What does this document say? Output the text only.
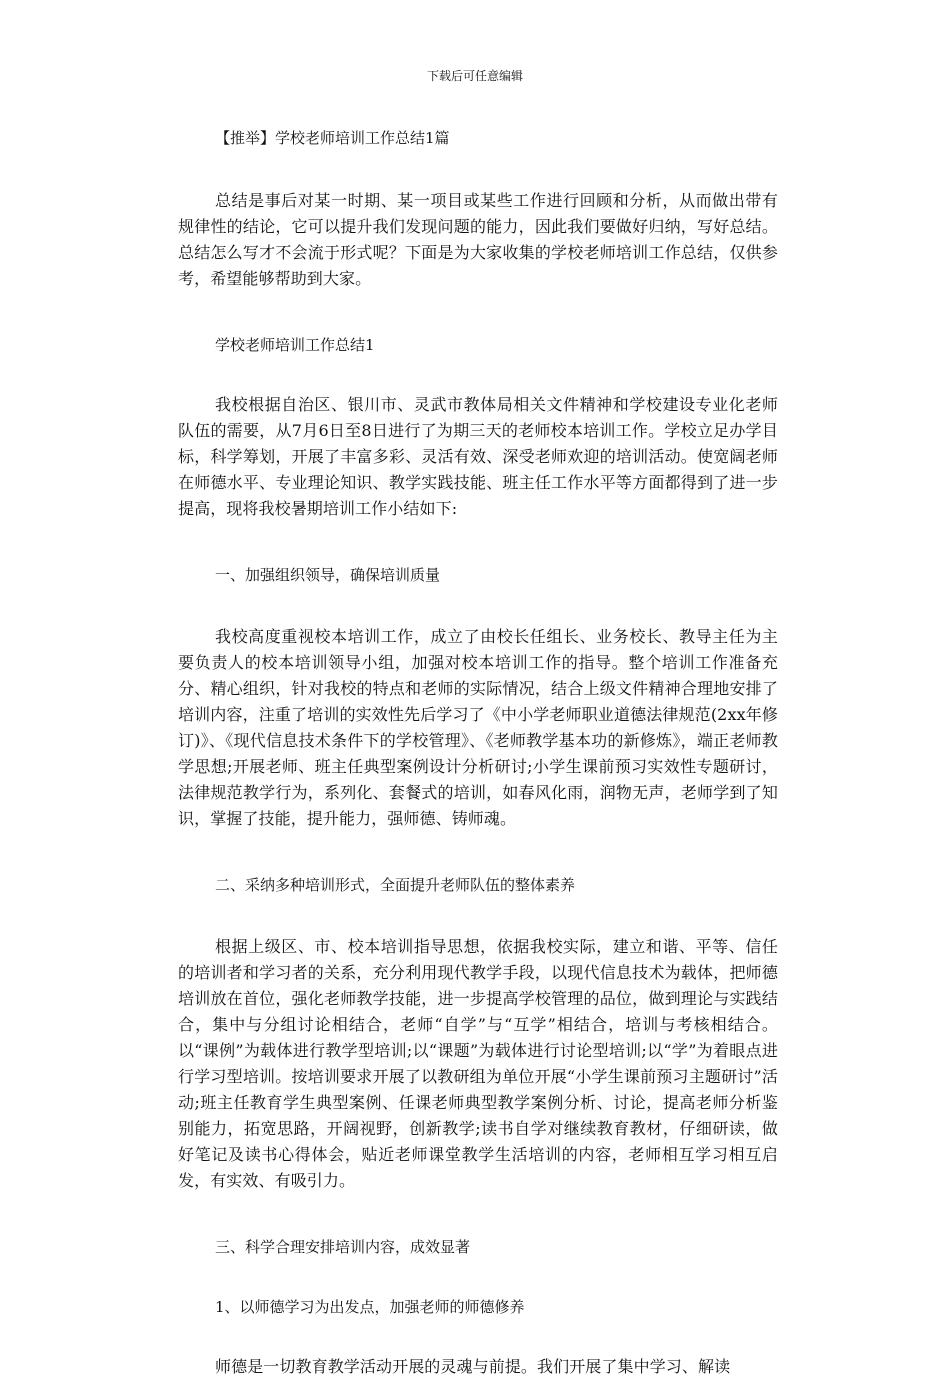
下载后可任意编辑

【推举】学校老师培训工作总结1篇

总结是事后对某一时期、某一项目或某些工作进行回顾和分析，从而做出带有规律性的结论，它可以提升我们发现问题的能力，因此我们要做好归纳，写好总结。总结怎么写才不会流于形式呢？下面是为大家收集的学校老师培训工作总结，仅供参考，希望能够帮助到大家。

学校老师培训工作总结1

我校根据自治区、银川市、灵武市教体局相关文件精神和学校建设专业化老师队伍的需要，从7月6日至8日进行了为期三天的老师校本培训工作。学校立足办学目标，科学筹划，开展了丰富多彩、灵活有效、深受老师欢迎的培训活动。使宽阔老师在师德水平、专业理论知识、教学实践技能、班主任工作水平等方面都得到了进一步提高，现将我校暑期培训工作小结如下:

一、加强组织领导，确保培训质量

我校高度重视校本培训工作，成立了由校长任组长、业务校长、教导主任为主要负责人的校本培训领导小组，加强对校本培训工作的指导。整个培训工作准备充分、精心组织，针对我校的特点和老师的实际情况，结合上级文件精神合理地安排了培训内容，注重了培训的实效性先后学习了《中小学老师职业道德法律规范(2xx年修订)》、《现代信息技术条件下的学校管理》、《老师教学基本功的新修炼》，端正老师教学思想;开展老师、班主任典型案例设计分析研讨;小学生课前预习实效性专题研讨，法律规范教学行为，系列化、套餐式的培训，如春风化雨，润物无声，老师学到了知识，掌握了技能，提升能力，强师德、铸师魂。

二、采纳多种培训形式，全面提升老师队伍的整体素养

根据上级区、市、校本培训指导思想，依据我校实际，建立和谐、平等、信任的培训者和学习者的关系，充分利用现代教学手段，以现代信息技术为载体，把师德培训放在首位，强化老师教学技能，进一步提高学校管理的品位，做到理论与实践结合，集中与分组讨论相结合，老师“自学”与“互学”相结合，培训与考核相结合。以“课例”为载体进行教学型培训;以“课题”为载体进行讨论型培训;以“学”为着眼点进行学习型培训。按培训要求开展了以教研组为单位开展“小学生课前预习主题研讨”活动;班主任教育学生典型案例、任课老师典型教学案例分析、讨论，提高老师分析鉴别能力，拓宽思路，开阔视野，创新教学;读书自学对继续教育教材，仔细研读，做好笔记及读书心得体会，贴近老师课堂教学生活培训的内容，老师相互学习相互启发，有实效、有吸引力。

三、科学合理安排培训内容，成效显著

1、以师德学习为出发点，加强老师的师德修养

师德是一切教育教学活动开展的灵魂与前提。我们开展了集中学习、解读
